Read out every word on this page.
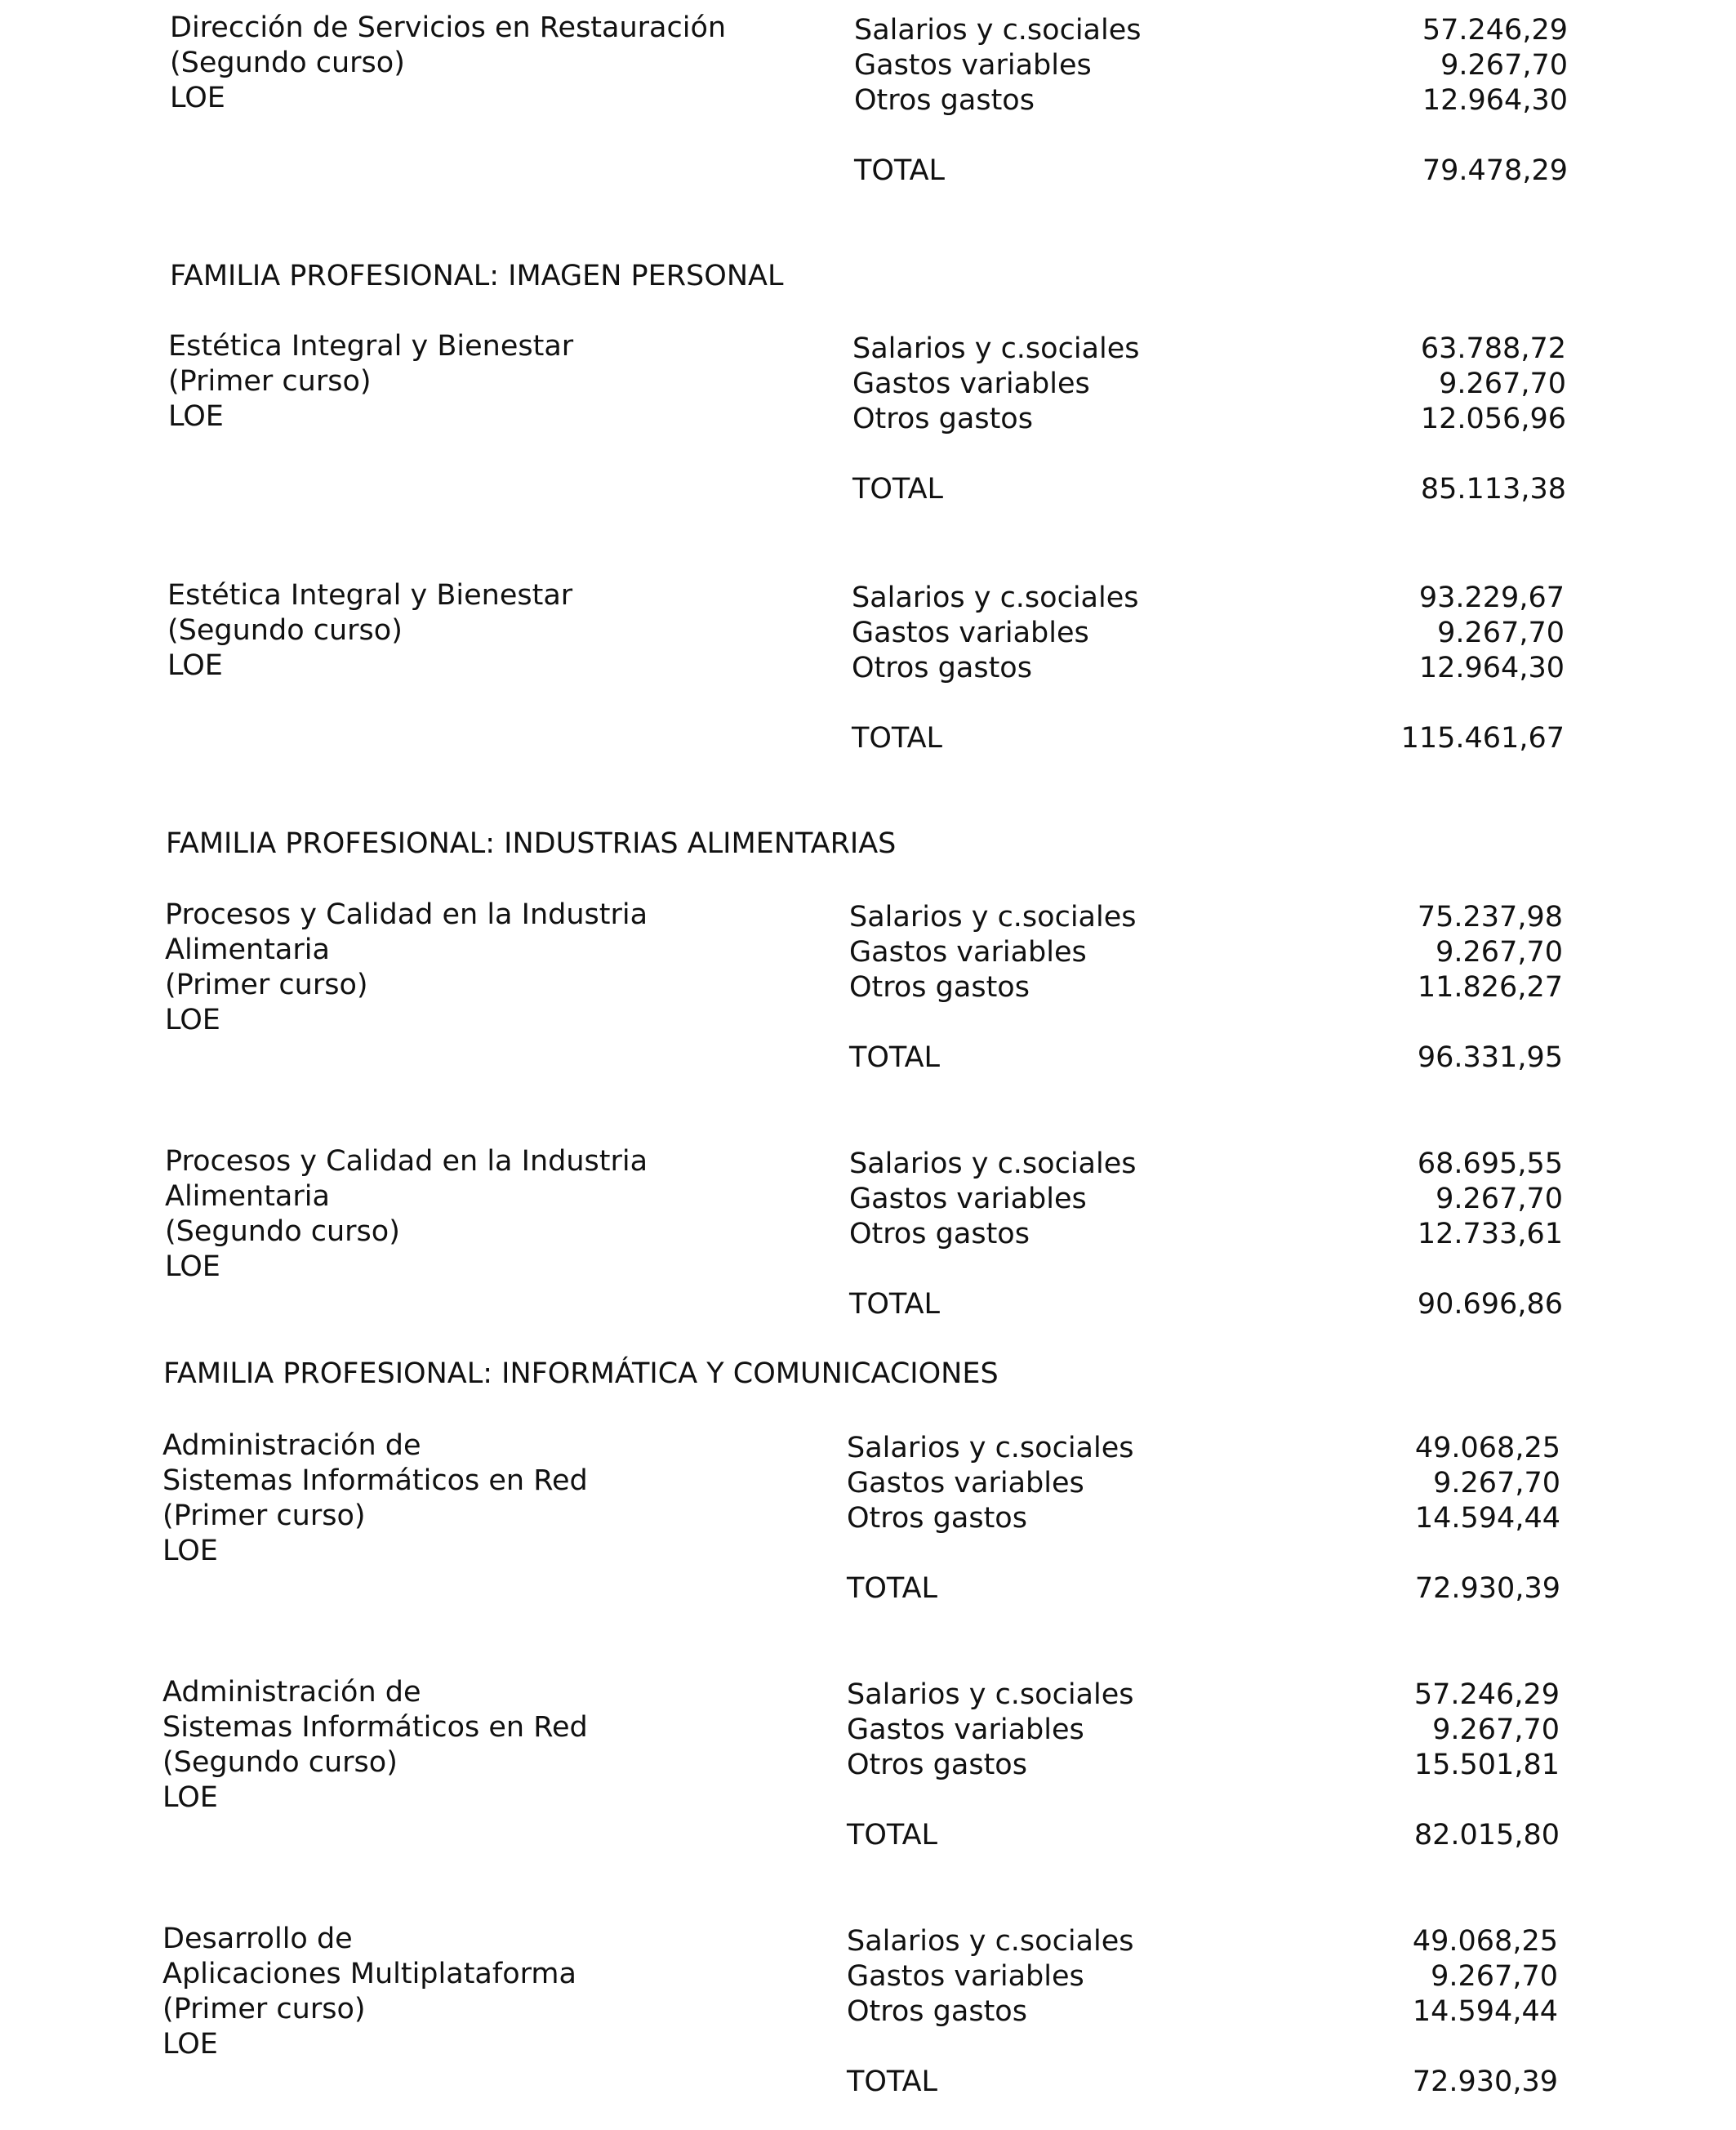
Dirección de Servicios en Restauración
(Segundo curso)
LOE
Salarios y c.sociales
Gastos variables
Otros gastos
TOTAL
57.246,29
9.267,70
12.964,30
79.478,29
FAMILIA PROFESIONAL: IMAGEN PERSONAL
Estética Integral y Bienestar
(Primer curso)
LOE
Salarios y c.sociales
Gastos variables
Otros gastos
TOTAL
63.788,72
9.267,70
12.056,96
85.113,38
Estética Integral y Bienestar
(Segundo curso)
LOE
Salarios y c.sociales
Gastos variables
Otros gastos
TOTAL
93.229,67
9.267,70
12.964,30
115.461,67
FAMILIA PROFESIONAL: INDUSTRIAS ALIMENTARIAS
Procesos y Calidad en la Industria
Alimentaria
(Primer curso)
LOE
Salarios y c.sociales
Gastos variables
Otros gastos
TOTAL
75.237,98
9.267,70
11.826,27
96.331,95
Procesos y Calidad en la Industria
Alimentaria
(Segundo curso)
LOE
Salarios y c.sociales
Gastos variables
Otros gastos
TOTAL
68.695,55
9.267,70
12.733,61
90.696,86
FAMILIA PROFESIONAL: INFORMÁTICA Y COMUNICACIONES
Administración de
Sistemas Informáticos en Red
(Primer curso)
LOE
Salarios y c.sociales
Gastos variables
Otros gastos
TOTAL
49.068,25
9.267,70
14.594,44
72.930,39
Administración de
Sistemas Informáticos en Red
(Segundo curso)
LOE
Salarios y c.sociales
Gastos variables
Otros gastos
TOTAL
57.246,29
9.267,70
15.501,81
82.015,80
Desarrollo de
Aplicaciones Multiplataforma
(Primer curso)
LOE
Salarios y c.sociales
Gastos variables
Otros gastos
TOTAL
49.068,25
9.267,70
14.594,44
72.930,39
